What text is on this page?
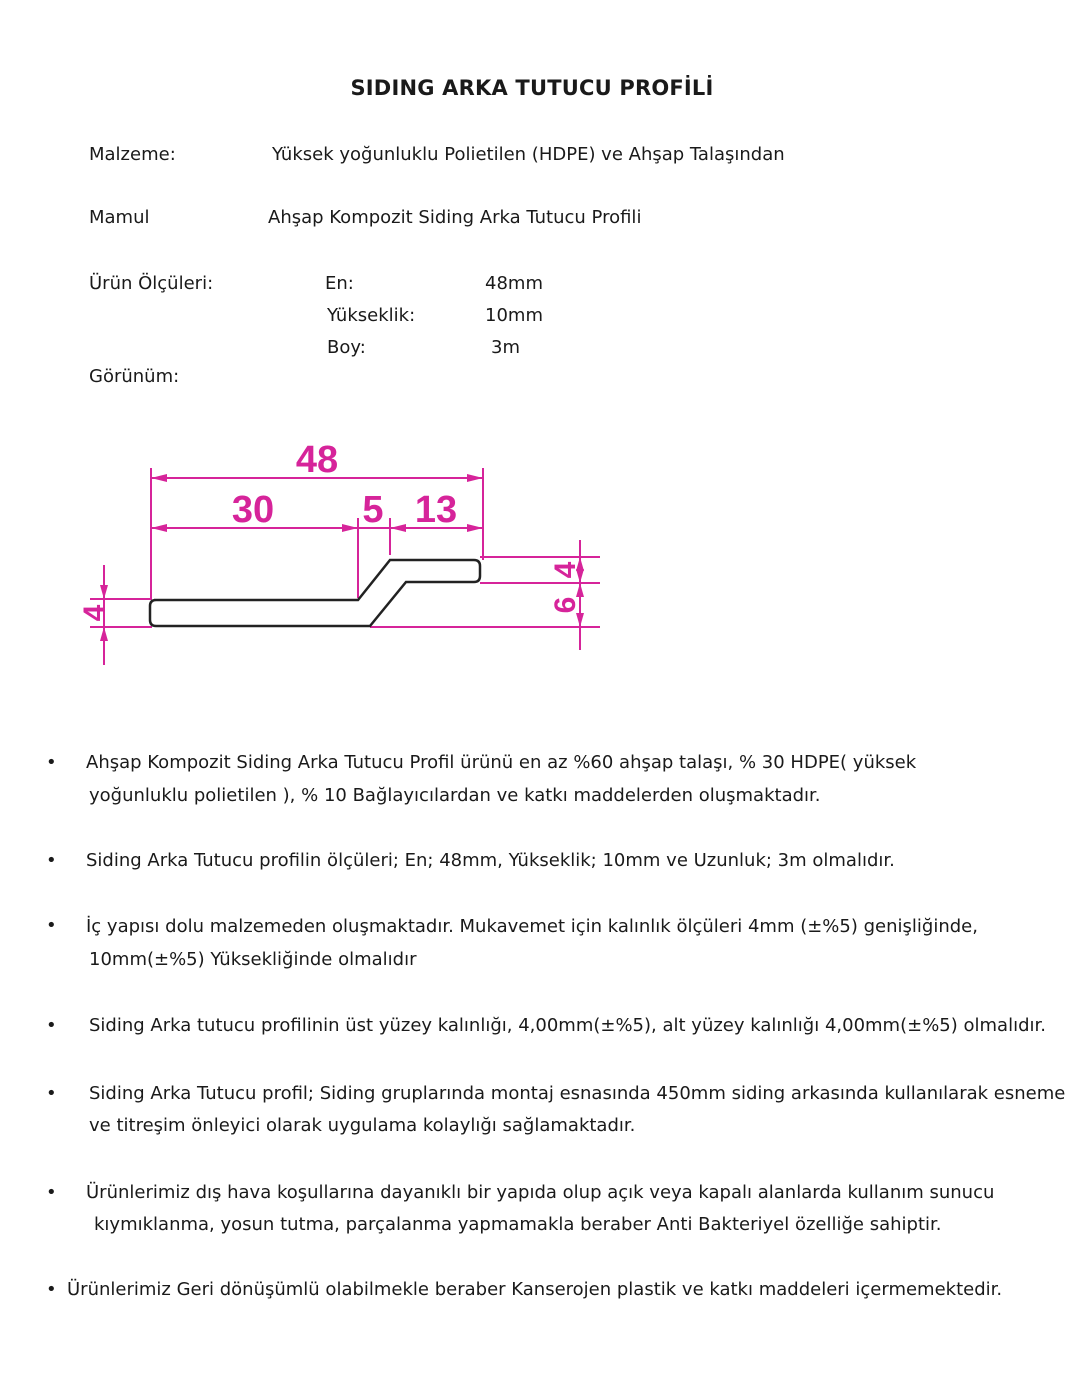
SIDING ARKA TUTUCU PROFİLİ
Malzeme:	Yüksek yoğunluklu Polietilen (HDPE) ve Ahşap Talaşından
Mamul	Ahşap Kompozit Siding Arka Tutucu Profili
Ürün Ölçüleri:	En:	48mm
Yükseklik:	10mm
Boy:	3m
Görünüm:
48
30 5 13
4
4
6
• Ahşap Kompozit Siding Arka Tutucu Profil ürünü en az %60 ahşap talaşı, % 30 HDPE( yüksek
yoğunluklu polietilen ), % 10 Bağlayıcılardan ve katkı maddelerden oluşmaktadır.
• Siding Arka Tutucu profilin ölçüleri; En; 48mm, Yükseklik; 10mm ve Uzunluk; 3m olmalıdır.
• İç yapısı dolu malzemeden oluşmaktadır. Mukavemet için kalınlık ölçüleri 4mm (±%5) genişliğinde,
10mm(±%5) Yüksekliğinde olmalıdır
• Siding Arka tutucu profilinin üst yüzey kalınlığı, 4,00mm(±%5), alt yüzey kalınlığı 4,00mm(±%5) olmalıdır.
• Siding Arka Tutucu profil; Siding gruplarında montaj esnasında 450mm siding arkasında kullanılarak esneme
ve titreşim önleyici olarak uygulama kolaylığı sağlamaktadır.
• Ürünlerimiz dış hava koşullarına dayanıklı bir yapıda olup açık veya kapalı alanlarda kullanım sunucu
kıymıklanma, yosun tutma, parçalanma yapmamakla beraber Anti Bakteriyel özelliğe sahiptir.
• Ürünlerimiz Geri dönüşümlü olabilmekle beraber Kanserojen plastik ve katkı maddeleri içermemektedir.
